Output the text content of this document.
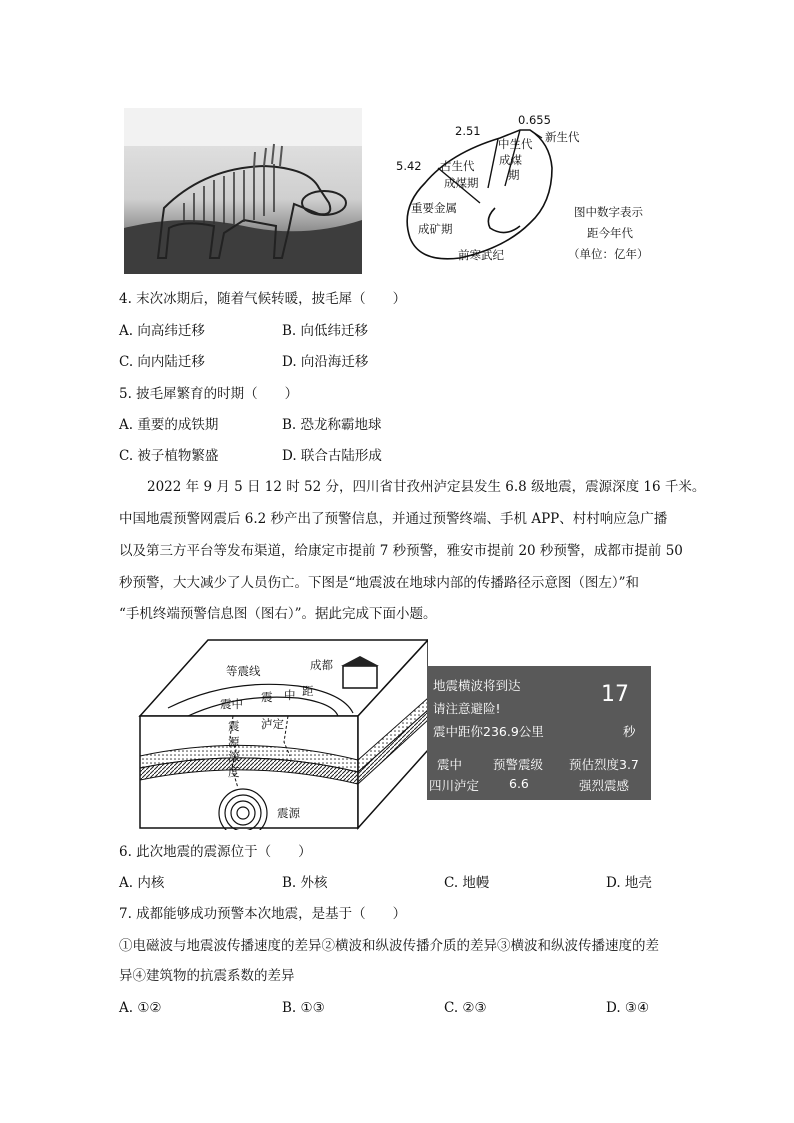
0.655
2.51
5.42
新生代
中生代
成煤
期
古生代
成煤期
重要金属
成矿期
前寒武纪
图中数字表示
距今年代
（单位：亿年）
4. 末次冰期后，随着气候转暖，披毛犀（　　）
A. 向高纬迁移	B. 向低纬迁移
C. 向内陆迁移	D. 向沿海迁移
5. 披毛犀繁育的时期（　　）
A. 重要的成铁期	B. 恐龙称霸地球
C. 被子植物繁盛	D. 联合古陆形成
2022 年 9 月 5 日 12 时 52 分，四川省甘孜州泸定县发生 6.8 级地震，震源深度 16 千米。
中国地震预警网震后 6.2 秒产出了预警信息，并通过预警终端、手机 APP、村村响应急广播
以及第三方平台等发布渠道，给康定市提前 7 秒预警，雅安市提前 20 秒预警，成都市提前 50
秒预警，大大减少了人员伤亡。下图是“地震波在地球内部的传播路径示意图（图左）”和
“手机终端预警信息图（图右）”。据此完成下面小题。
等震线	成都
震中 震 中 距
泸定
震
源
深
度
震源
地震横波将到达
请注意避险!
震中距你236.9公里
17
秒
震中 预警震级 预估烈度3.7
四川泸定 6.6	强烈震感
6. 此次地震的震源位于（　　）
A. 内核	B. 外核	C. 地幔	D. 地壳
7. 成都能够成功预警本次地震，是基于（　　）
①电磁波与地震波传播速度的差异②横波和纵波传播介质的差异③横波和纵波传播速度的差
异④建筑物的抗震系数的差异
A. ①②	B. ①③	C. ②③	D. ③④
